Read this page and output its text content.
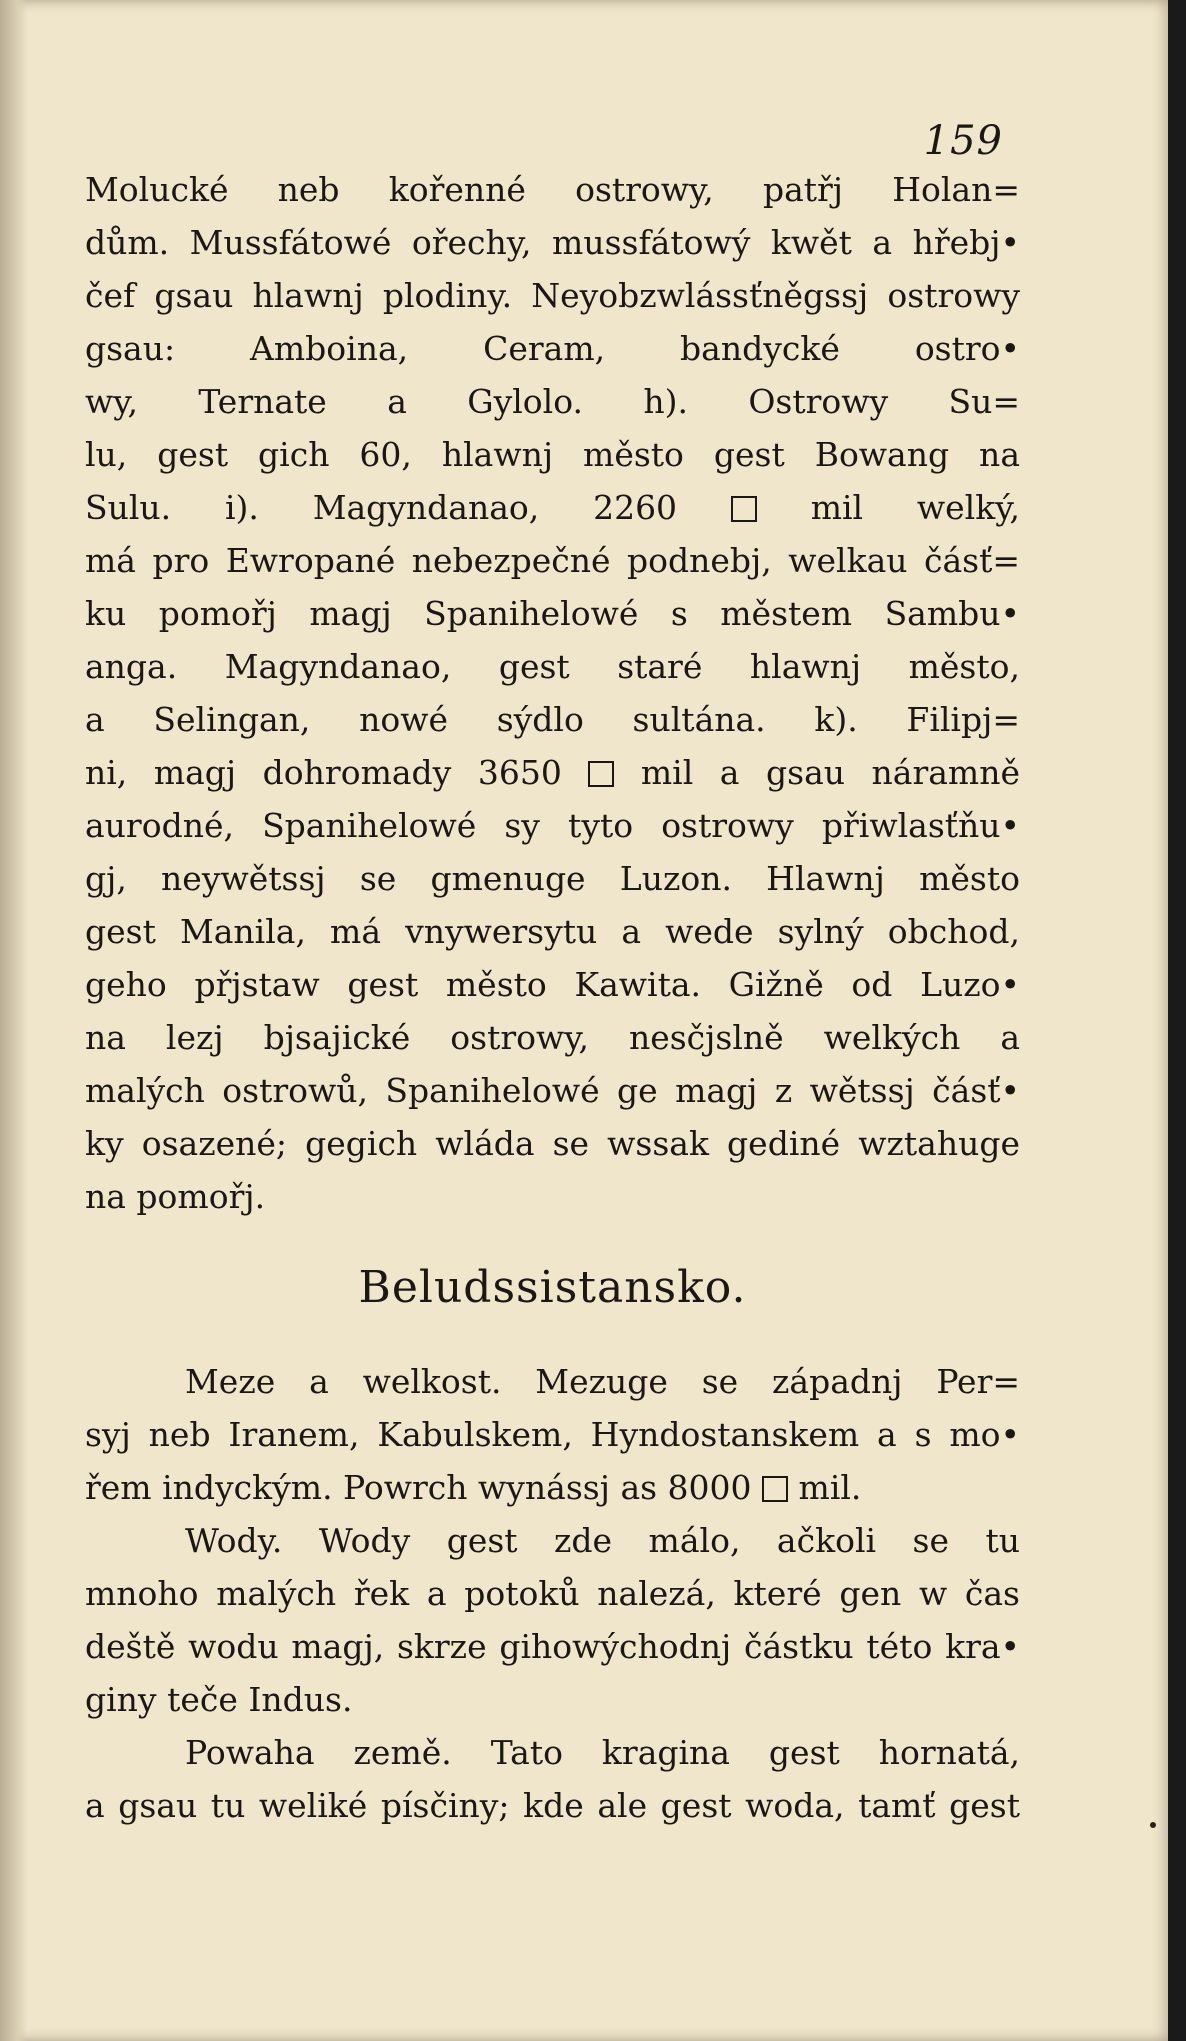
159
Molucké neb kořenné ostrowy, patřj Holan=
dům. Mussfátowé ořechy, mussfátowý kwět a hřebj•
čef gsau hlawnj plodiny. Neyobzwlássťněgssj ostrowy
gsau: Amboina, Ceram, bandycké ostro•
wy, Ternate a Gylolo. h). Ostrowy Su=
lu, gest gich 60, hlawnj město gest Bowang na
Sulu. i). Magyndanao, 2260	mil welký,
má pro Ewropané nebezpečné podnebj, welkau čásť=
ku pomořj magj Spanihelowé s městem Sambu•
anga. Magyndanao, gest staré hlawnj město,
a Selingan, nowé sýdlo sultána. k). Filipj=
ni, magj dohromady 3650 mil a gsau náramně
aurodné, Spanihelowé sy tyto ostrowy přiwlasťňu•
gj, neywětssj se gmenuge Luzon. Hlawnj město
gest Manila, má vnywersytu a wede sylný obchod,
geho přjstaw gest město Kawita. Gižně od Luzo•
na lezj bjsajické ostrowy, nesčjslně welkých a
malých ostrowů, Spanihelowé ge magj z wětssj čásť•
ky osazené; gegich wláda se wssak gediné wztahuge
na pomořj.
Beludssistansko.
Meze a welkost. Mezuge se západnj Per=
syj neb Iranem, Kabulskem, Hyndostanskem a s mo•
řem indyckým. Powrch wynássj as 8000 mil.
Wody. Wody gest zde málo, ačkoli se tu
mnoho malých řek a potoků nalezá, které gen w čas
deště wodu magj, skrze gihowýchodnj částku této kra•
giny teče Indus.
Powaha země. Tato kragina gest hornatá,
a gsau tu weliké písčiny; kde ale gest woda, tamť gest
